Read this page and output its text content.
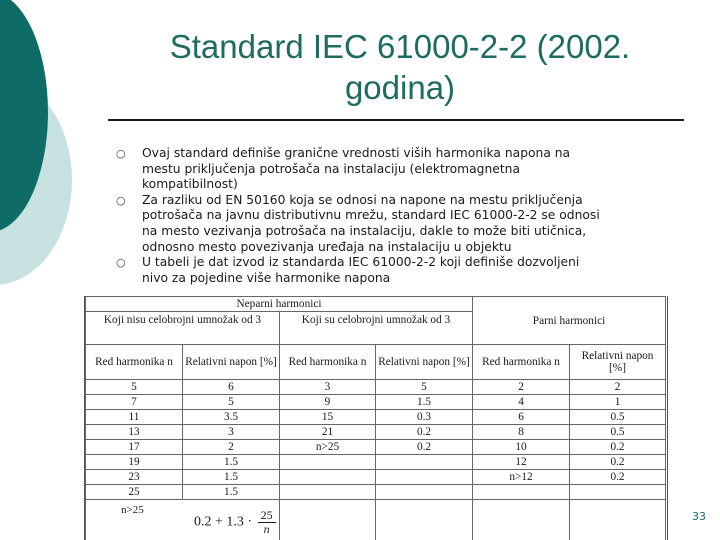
Standard IEC 61000-2-2 (2002.
godina)

○ Ovaj standard definiše granične vrednosti viših harmonika napona na
mestu priključenja potrošača na instalaciju (elektromagnetna
kompatibilnost)

○ Za razliku od EN 50160 koja se odnosi na napone na mestu priključenja
potrošača na javnu distributivnu mrežu, standard IEC 61000-2-2 se odnosi
na mesto vezivanja potrošača na instalaciju, dakle to može biti utičnica,
odnosno mesto povezivanja uređaja na instalaciju u objektu

○ U tabeli je dat izvod iz standarda IEC 61000-2-2 koji definiše dozvoljeni
nivo za pojedine više harmonike napona

Neparni harmonici				Parni harmonici	
Koji nisu celobrojni umnožak od 3		Koji su celobrojni umnožak od 3			
Red harmonika n	Relativni napon [%]	Red harmonika n	Relativni napon [%]	Red harmonika n	Relativni napon [%]
5	6	3	5	2	2
7	5	9	1.5	4	1
11	3.5	15	0.3	6	0.5
13	3	21	0.2	8	0.5
17	2	n>25	0.2	10	0.2
19	1.5			12	0.2
23	1.5			n>12	0.2
25	1.5				

n>25
$0.2 + 1.3 \cdot \frac{25}{n}$
					33
